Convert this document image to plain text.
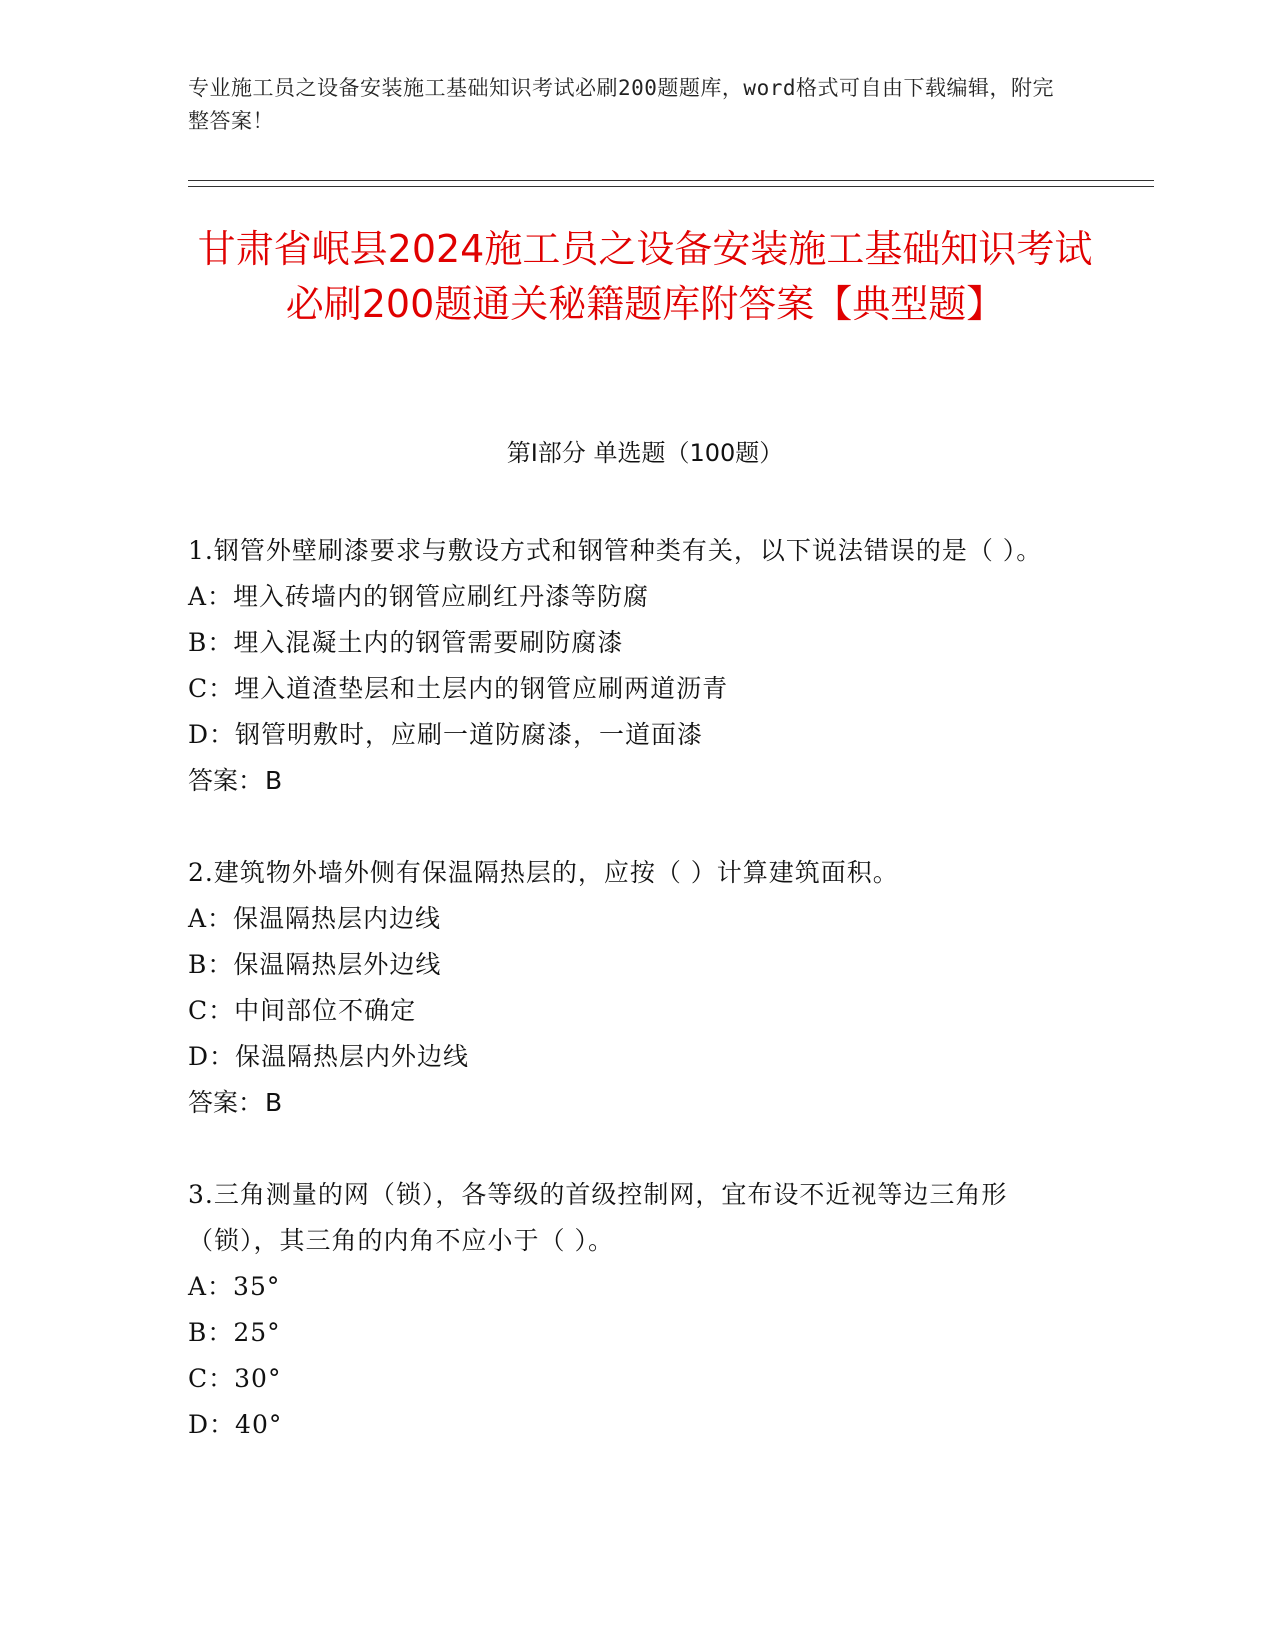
专业施工员之设备安装施工基础知识考试必刷200题题库，word格式可自由下载编辑，附完整答案！
甘肃省岷县2024施工员之设备安装施工基础知识考试必刷200题通关秘籍题库附答案【典型题】
第I部分 单选题（100题）
1.钢管外壁刷漆要求与敷设方式和钢管种类有关，以下说法错误的是（ ）。
A：埋入砖墙内的钢管应刷红丹漆等防腐
B：埋入混凝土内的钢管需要刷防腐漆
C：埋入道渣垫层和土层内的钢管应刷两道沥青
D：钢管明敷时，应刷一道防腐漆，一道面漆
答案：B
2.建筑物外墙外侧有保温隔热层的，应按（ ）计算建筑面积。
A：保温隔热层内边线
B：保温隔热层外边线
C：中间部位不确定
D：保温隔热层内外边线
答案：B
3.三角测量的网（锁），各等级的首级控制网，宜布设不近视等边三角形（锁），其三角的内角不应小于（ ）。
A：35°
B：25°
C：30°
D：40°
